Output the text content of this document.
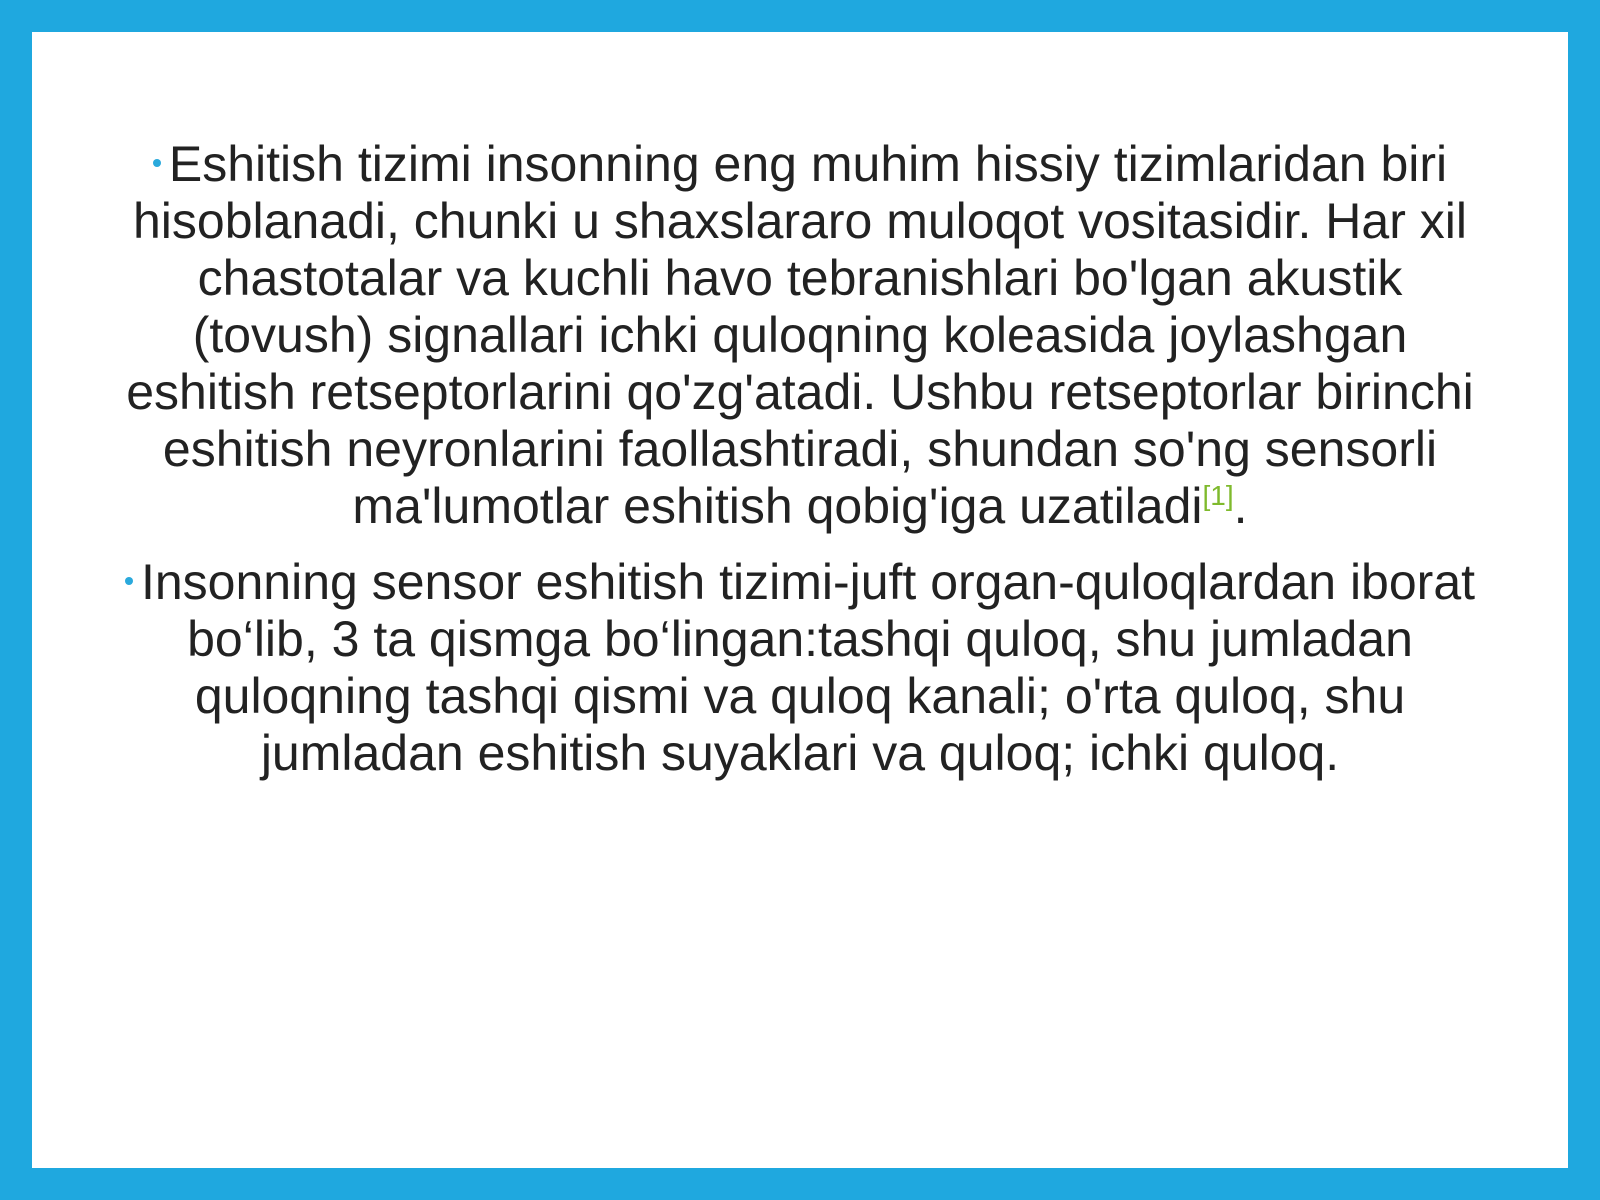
Eshitish tizimi insonning eng muhim hissiy tizimlaridan biri hisoblanadi, chunki u shaxslararo muloqot vositasidir. Har xil chastotalar va kuchli havo tebranishlari bo'lgan akustik (tovush) signallari ichki quloqning koleasida joylashgan eshitish retseptorlarini qo'zg'atadi. Ushbu retseptorlar birinchi eshitish neyronlarini faollashtiradi, shundan so'ng sensorli ma'lumotlar eshitish qobig'iga uzatiladi[1].

Insonning sensor eshitish tizimi-juft organ-quloqlardan iborat bo‘lib, 3 ta qismga bo‘lingan:tashqi quloq, shu jumladan quloqning tashqi qismi va quloq kanali; o'rta quloq, shu jumladan eshitish suyaklari va quloq; ichki quloq.
